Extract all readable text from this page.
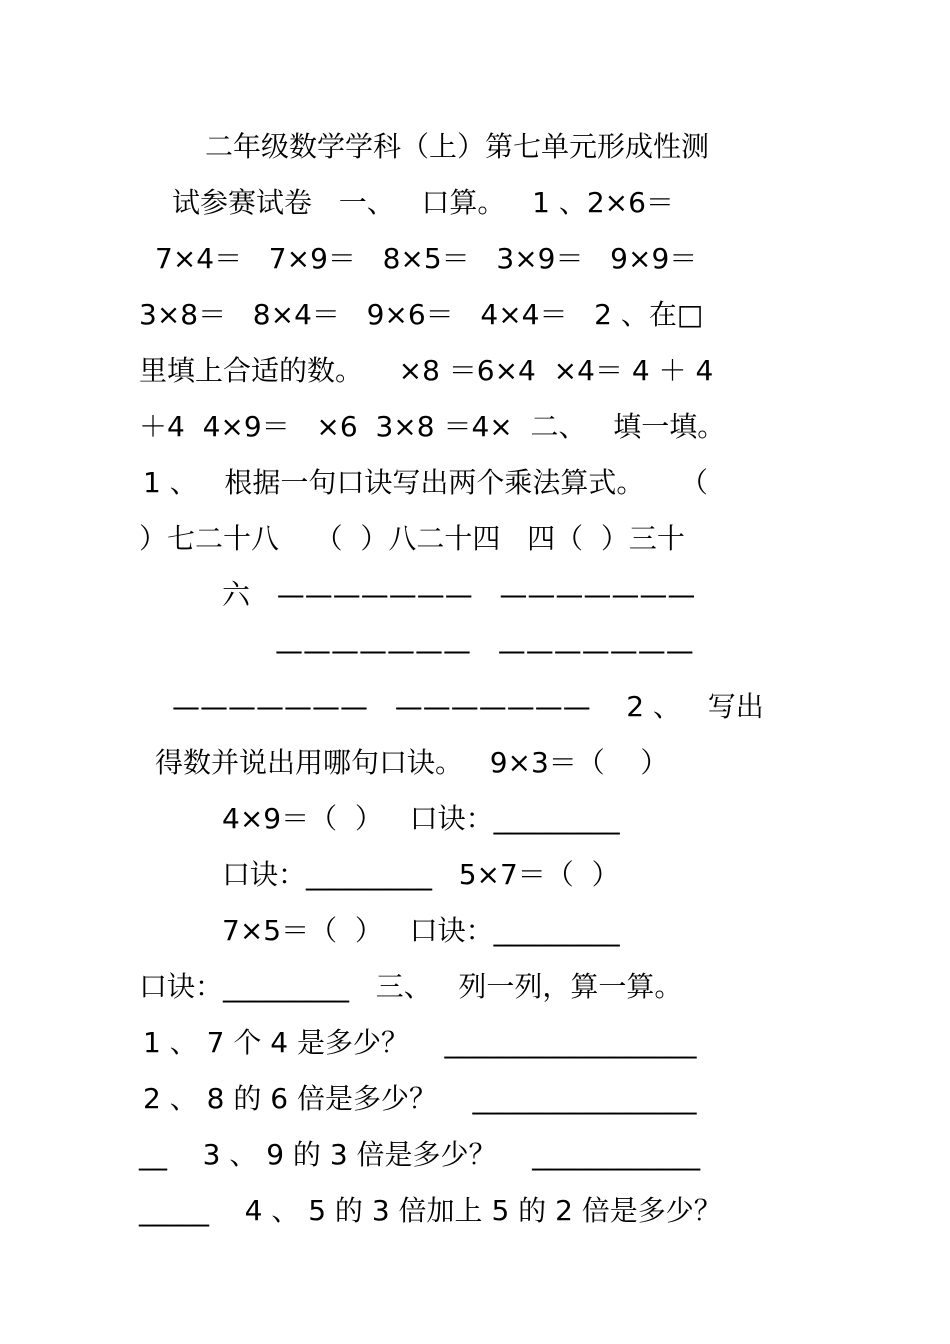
二年级数学学科（上）第七单元形成性测
试参赛试卷   一、   口算。   1 、2×6＝
7×4＝   7×9＝   8×5＝   3×9＝   9×9＝
3×8＝   8×4＝   9×6＝   4×4＝   2 、在□
里填上合适的数。    ×8 ＝6×4  ×4＝ 4 ＋ 4
＋4  4×9＝   ×6  3×8 ＝4×  二、   填一填。
1 、   根据一句口诀写出两个乘法算式。    （
）七二十八    （  ）八二十四   四（  ）三十
六   ———————   ———————
———————   ———————
———————   ———————    2 、   写出
得数并说出用哪句口诀。   9×3＝（    ）
4×9＝（  ）   口诀：_________
口诀：_________   5×7＝（  ）
7×5＝（  ）   口诀：_________
口诀：_________   三、   列一列，算一算。
1 、 7 个 4 是多少？    __________________
2 、 8 的 6 倍是多少？    ________________
__    3 、 9 的 3 倍是多少？    ____________
_____    4 、 5 的 3 倍加上 5 的 2 倍是多少？
